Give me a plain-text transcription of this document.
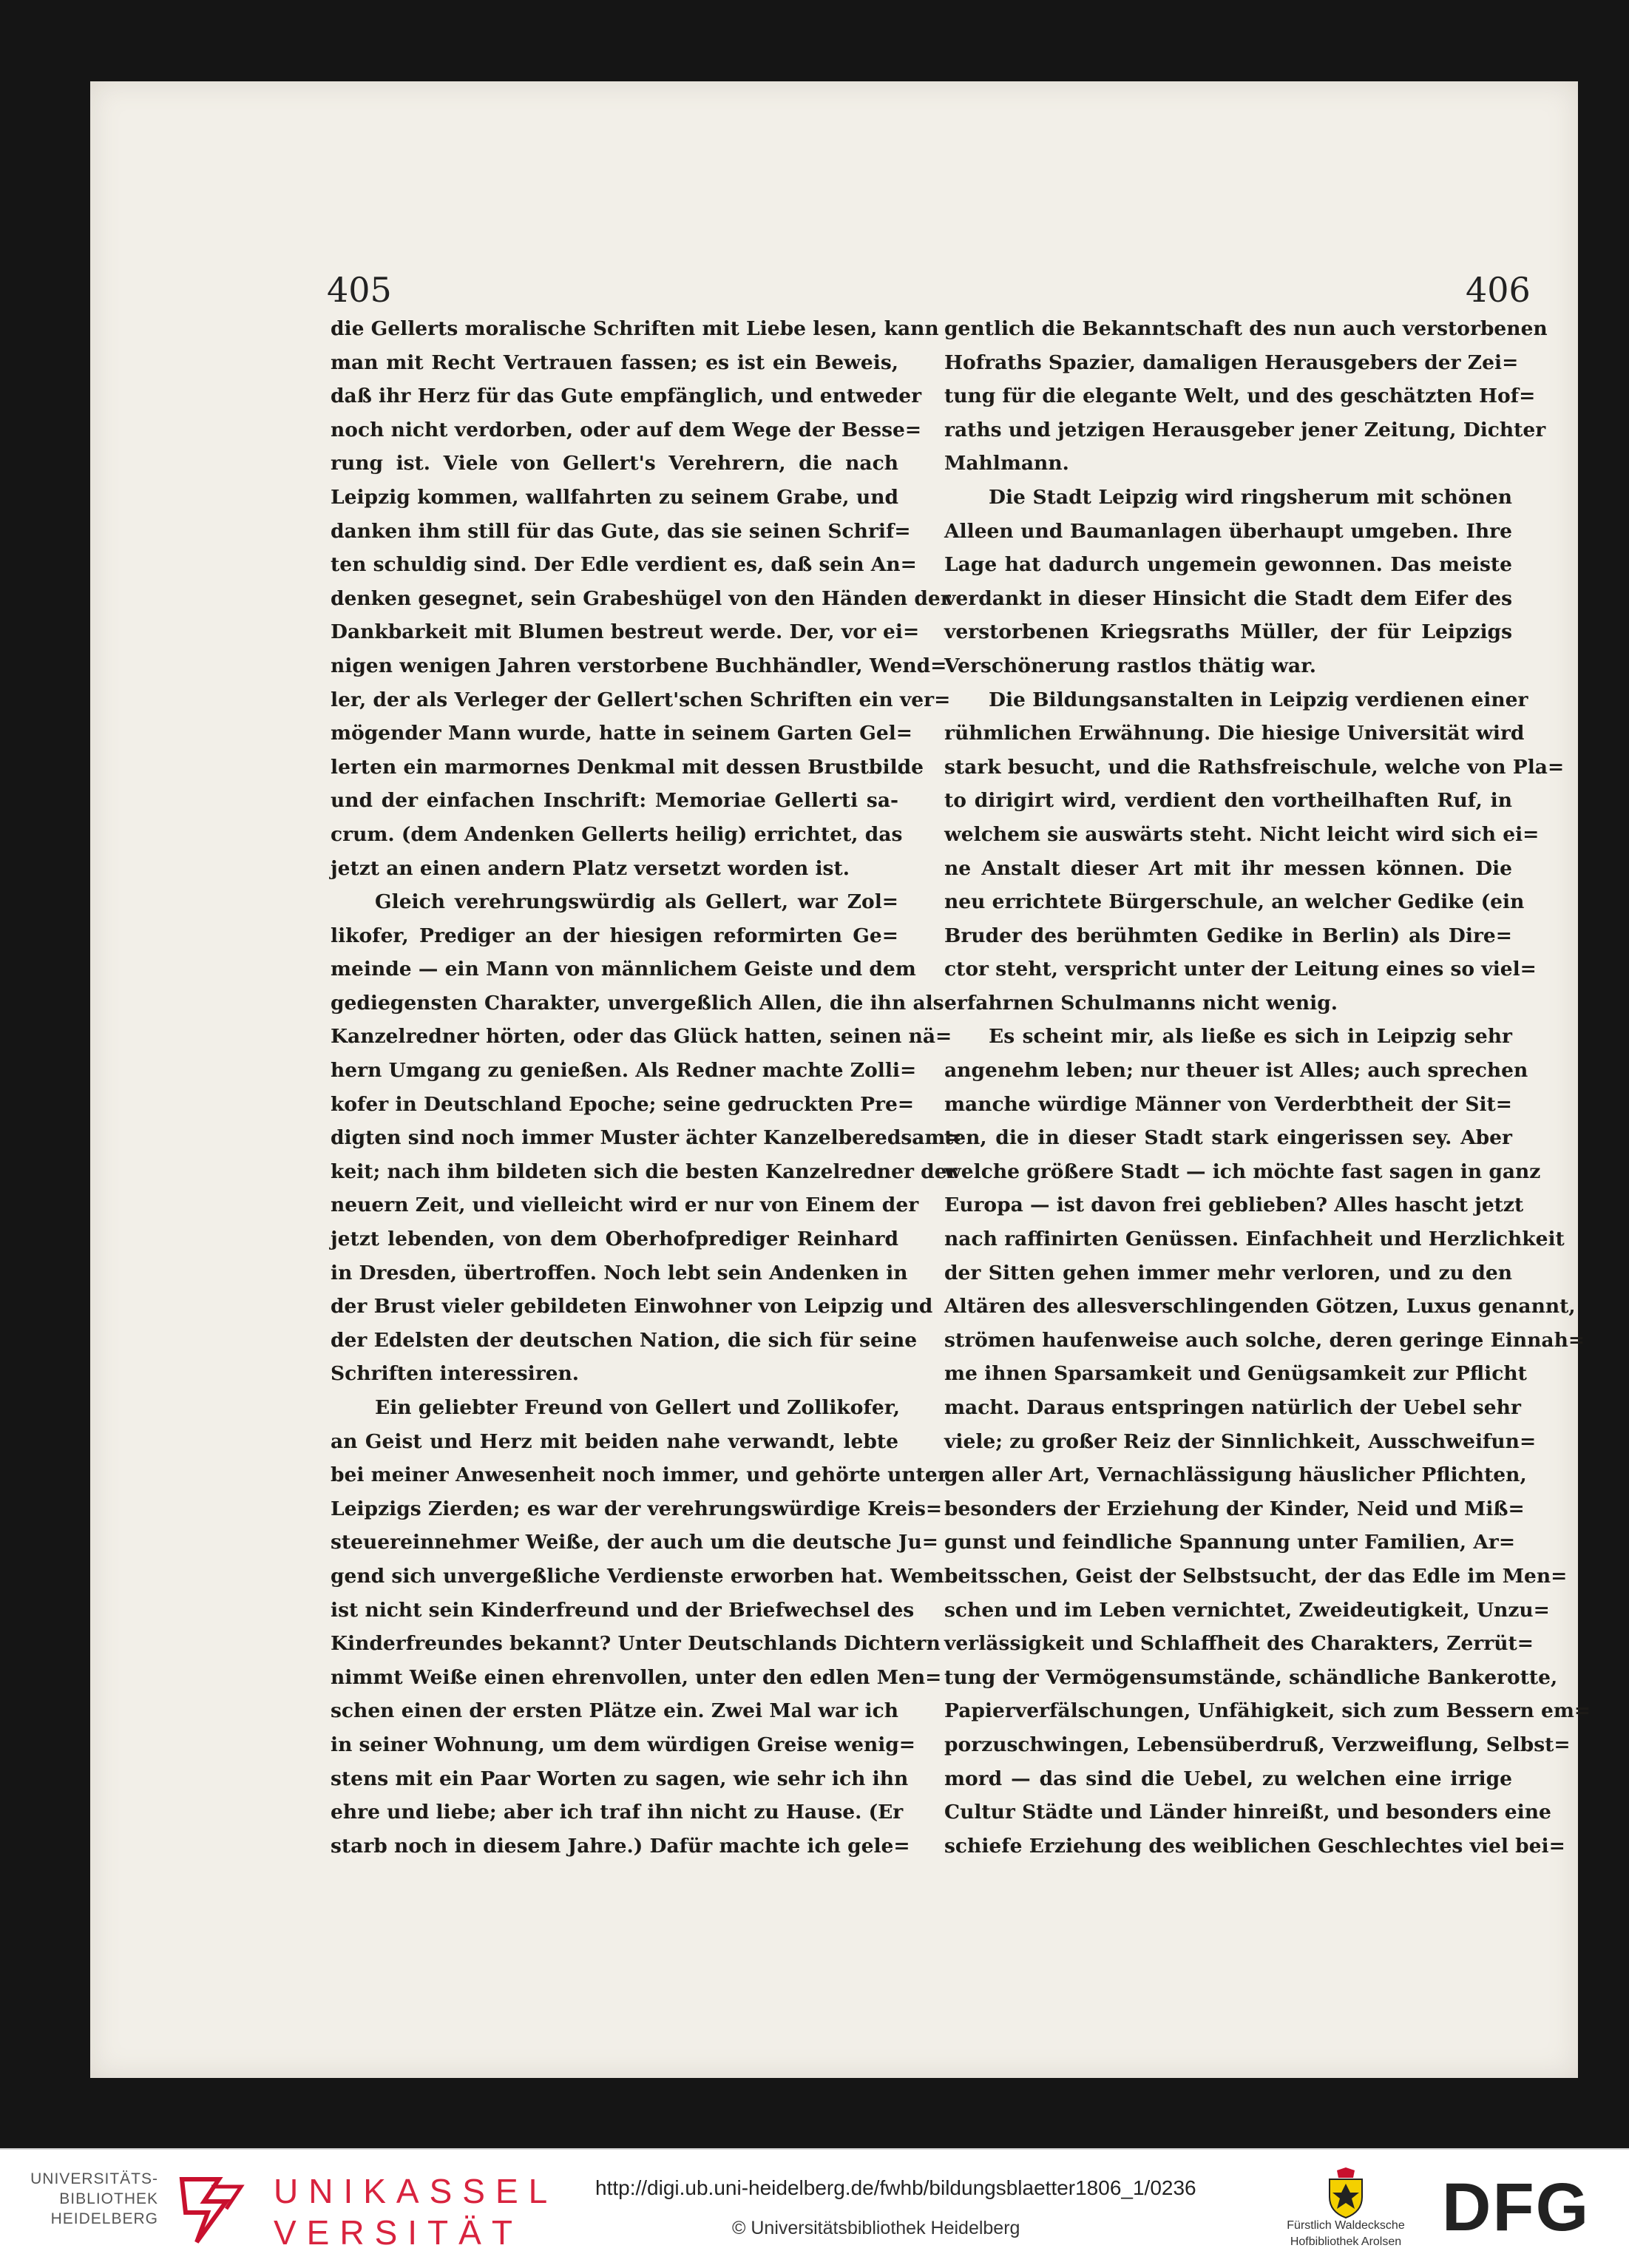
405	406
die Gellerts moralische Schriften mit Liebe lesen, kann
man mit Recht Vertrauen fassen; es ist ein Beweis,
daß ihr Herz für das Gute empfänglich, und entweder
noch nicht verdorben, oder auf dem Wege der Besse=
rung ist. Viele von Gellert's Verehrern, die nach
Leipzig kommen, wallfahrten zu seinem Grabe, und
danken ihm still für das Gute, das sie seinen Schrif=
ten schuldig sind. Der Edle verdient es, daß sein An=
denken gesegnet, sein Grabeshügel von den Händen der
Dankbarkeit mit Blumen bestreut werde. Der, vor ei=
nigen wenigen Jahren verstorbene Buchhändler, Wend=
ler, der als Verleger der Gellert'schen Schriften ein ver=
mögender Mann wurde, hatte in seinem Garten Gel=
lerten ein marmornes Denkmal mit dessen Brustbilde
und der einfachen Inschrift: Memoriae Gellerti sa-
crum. (dem Andenken Gellerts heilig) errichtet, das
jetzt an einen andern Platz versetzt worden ist.
Gleich verehrungswürdig als Gellert, war Zol=
likofer, Prediger an der hiesigen reformirten Ge=
meinde — ein Mann von männlichem Geiste und dem
gediegensten Charakter, unvergeßlich Allen, die ihn als
Kanzelredner hörten, oder das Glück hatten, seinen nä=
hern Umgang zu genießen. Als Redner machte Zolli=
kofer in Deutschland Epoche; seine gedruckten Pre=
digten sind noch immer Muster ächter Kanzelberedsam=
keit; nach ihm bildeten sich die besten Kanzelredner der
neuern Zeit, und vielleicht wird er nur von Einem der
jetzt lebenden, von dem Oberhofprediger Reinhard
in Dresden, übertroffen. Noch lebt sein Andenken in
der Brust vieler gebildeten Einwohner von Leipzig und
der Edelsten der deutschen Nation, die sich für seine
Schriften interessiren.
Ein geliebter Freund von Gellert und Zollikofer,
an Geist und Herz mit beiden nahe verwandt, lebte
bei meiner Anwesenheit noch immer, und gehörte unter
Leipzigs Zierden; es war der verehrungswürdige Kreis=
steuereinnehmer Weiße, der auch um die deutsche Ju=
gend sich unvergeßliche Verdienste erworben hat. Wem
ist nicht sein Kinderfreund und der Briefwechsel des
Kinderfreundes bekannt? Unter Deutschlands Dichtern
nimmt Weiße einen ehrenvollen, unter den edlen Men=
schen einen der ersten Plätze ein. Zwei Mal war ich
in seiner Wohnung, um dem würdigen Greise wenig=
stens mit ein Paar Worten zu sagen, wie sehr ich ihn
ehre und liebe; aber ich traf ihn nicht zu Hause. (Er
starb noch in diesem Jahre.) Dafür machte ich gele=
gentlich die Bekanntschaft des nun auch verstorbenen
Hofraths Spazier, damaligen Herausgebers der Zei=
tung für die elegante Welt, und des geschätzten Hof=
raths und jetzigen Herausgeber jener Zeitung, Dichter
Mahlmann.
Die Stadt Leipzig wird ringsherum mit schönen
Alleen und Baumanlagen überhaupt umgeben. Ihre
Lage hat dadurch ungemein gewonnen. Das meiste
verdankt in dieser Hinsicht die Stadt dem Eifer des
verstorbenen Kriegsraths Müller, der für Leipzigs
Verschönerung rastlos thätig war.
Die Bildungsanstalten in Leipzig verdienen einer
rühmlichen Erwähnung. Die hiesige Universität wird
stark besucht, und die Rathsfreischule, welche von Pla=
to dirigirt wird, verdient den vortheilhaften Ruf, in
welchem sie auswärts steht. Nicht leicht wird sich ei=
ne Anstalt dieser Art mit ihr messen können. Die
neu errichtete Bürgerschule, an welcher Gedike (ein
Bruder des berühmten Gedike in Berlin) als Dire=
ctor steht, verspricht unter der Leitung eines so viel=
erfahrnen Schulmanns nicht wenig.
Es scheint mir, als ließe es sich in Leipzig sehr
angenehm leben; nur theuer ist Alles; auch sprechen
manche würdige Männer von Verderbtheit der Sit=
ten, die in dieser Stadt stark eingerissen sey. Aber
welche größere Stadt — ich möchte fast sagen in ganz
Europa — ist davon frei geblieben? Alles hascht jetzt
nach raffinirten Genüssen. Einfachheit und Herzlichkeit
der Sitten gehen immer mehr verloren, und zu den
Altären des allesverschlingenden Götzen, Luxus genannt,
strömen haufenweise auch solche, deren geringe Einnah=
me ihnen Sparsamkeit und Genügsamkeit zur Pflicht
macht. Daraus entspringen natürlich der Uebel sehr
viele; zu großer Reiz der Sinnlichkeit, Ausschweifun=
gen aller Art, Vernachlässigung häuslicher Pflichten,
besonders der Erziehung der Kinder, Neid und Miß=
gunst und feindliche Spannung unter Familien, Ar=
beitsschen, Geist der Selbstsucht, der das Edle im Men=
schen und im Leben vernichtet, Zweideutigkeit, Unzu=
verlässigkeit und Schlaffheit des Charakters, Zerrüt=
tung der Vermögensumstände, schändliche Bankerotte,
Papierverfälschungen, Unfähigkeit, sich zum Bessern em=
porzuschwingen, Lebensüberdruß, Verzweiflung, Selbst=
mord — das sind die Uebel, zu welchen eine irrige
Cultur Städte und Länder hinreißt, und besonders eine
schiefe Erziehung des weiblichen Geschlechtes viel bei=
UNIVERSITÄTS-
BIBLIOTHEK
HEIDELBERG
UNIKASSEL
VERSITÄT
http://digi.ub.uni-heidelberg.de/fwhb/bildungsblaetter1806_1/0236
© Universitätsbibliothek Heidelberg	Fürstlich Waldecksche
Hofbibliothek Arolsen DFG
